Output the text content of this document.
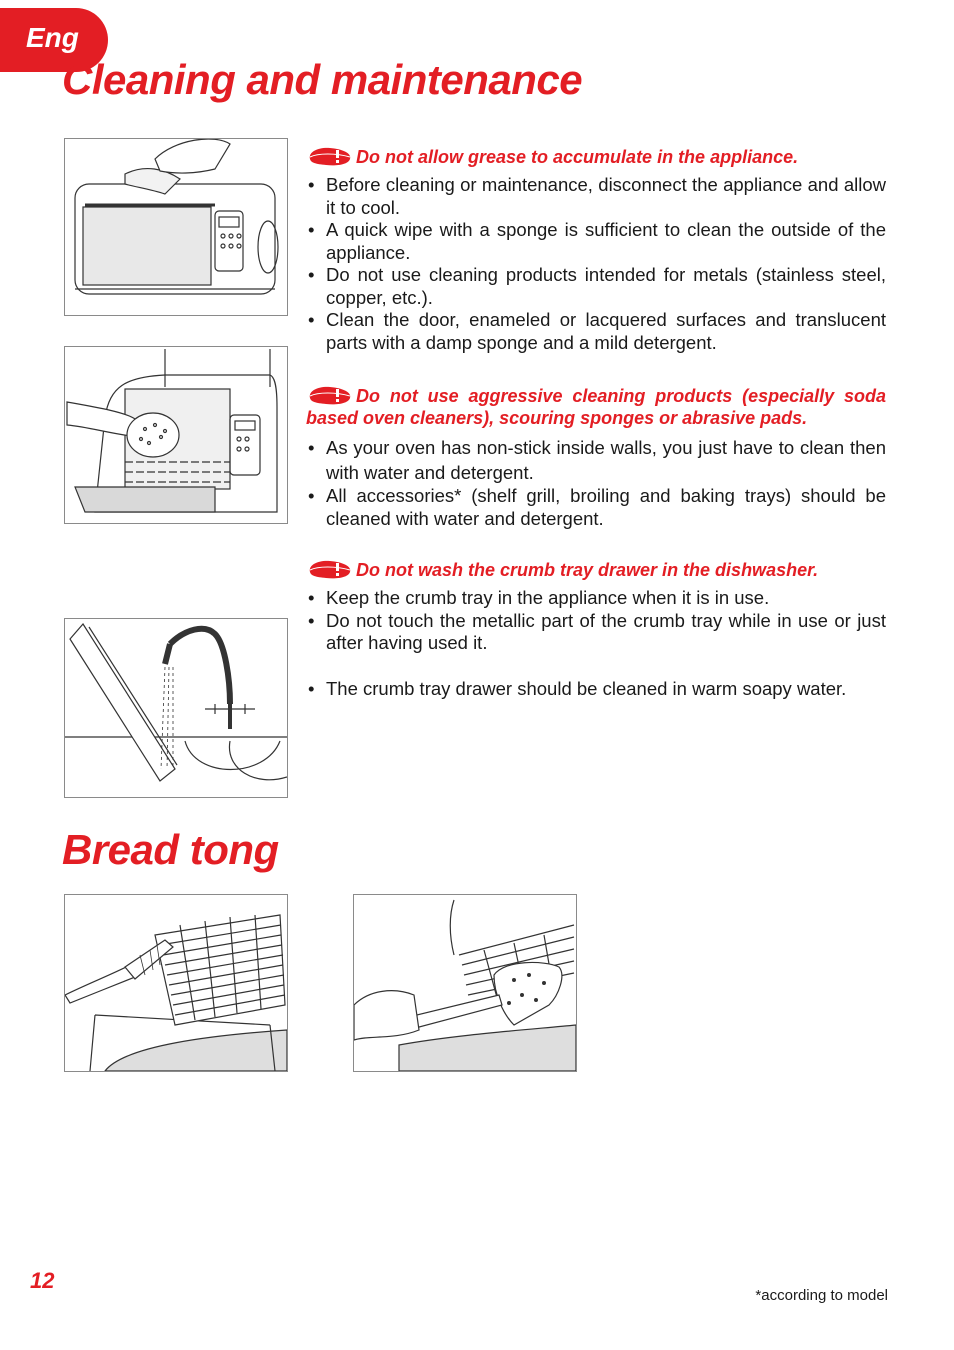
Eng
Cleaning and maintenance
Do not allow grease to accumulate in the appliance.
• Before cleaning or maintenance, disconnect the appliance and allow it to cool.
• A quick wipe with a sponge is sufficient to clean the outside of the appliance.
• Do not use cleaning products intended for metals (stainless steel, copper, etc.).
• Clean the door, enameled or lacquered surfaces and translucent parts with a damp sponge and a mild detergent.
Do not use aggressive cleaning products (especially soda based oven cleaners), scouring sponges or abrasive pads.
• As your oven has non-stick inside walls, you just have to clean then with water and detergent.
• All accessories* (shelf grill, broiling and baking trays) should be cleaned with water and detergent.
Do not wash the crumb tray drawer in the dishwasher.
• Keep the crumb tray in the appliance when it is in use.
• Do not touch the metallic part of the crumb tray while in use or just after having used it.
• The crumb tray drawer should be cleaned in warm soapy water.
Bread tong
12
*according to model
